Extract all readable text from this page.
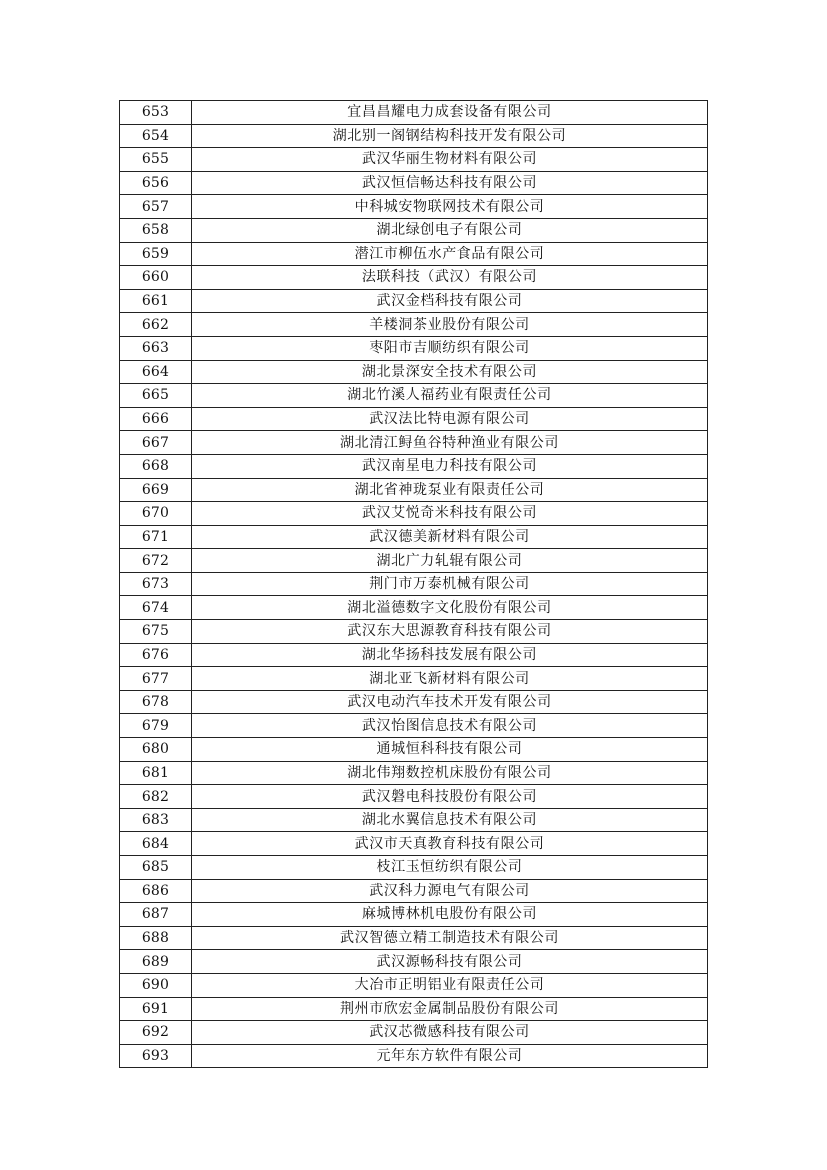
653	宜昌昌耀电力成套设备有限公司
654	湖北别一阁钢结构科技开发有限公司
655	武汉华丽生物材料有限公司
656	武汉恒信畅达科技有限公司
657	中科城安物联网技术有限公司
658	湖北绿创电子有限公司
659	潜江市柳伍水产食品有限公司
660	法联科技（武汉）有限公司
661	武汉金档科技有限公司
662	羊楼洞茶业股份有限公司
663	枣阳市吉顺纺织有限公司
664	湖北景深安全技术有限公司
665	湖北竹溪人福药业有限责任公司
666	武汉法比特电源有限公司
667	湖北清江鲟鱼谷特种渔业有限公司
668	武汉南星电力科技有限公司
669	湖北省神珑泵业有限责任公司
670	武汉艾悦奇米科技有限公司
671	武汉德美新材料有限公司
672	湖北广力轧辊有限公司
673	荆门市万泰机械有限公司
674	湖北溢德数字文化股份有限公司
675	武汉东大思源教育科技有限公司
676	湖北华扬科技发展有限公司
677	湖北亚飞新材料有限公司
678	武汉电动汽车技术开发有限公司
679	武汉怡图信息技术有限公司
680	通城恒科科技有限公司
681	湖北伟翔数控机床股份有限公司
682	武汉磐电科技股份有限公司
683	湖北水翼信息技术有限公司
684	武汉市天真教育科技有限公司
685	枝江玉恒纺织有限公司
686	武汉科力源电气有限公司
687	麻城博林机电股份有限公司
688	武汉智德立精工制造技术有限公司
689	武汉源畅科技有限公司
690	大冶市正明铝业有限责任公司
691	荆州市欣宏金属制品股份有限公司
692	武汉芯微感科技有限公司
693	元年东方软件有限公司
